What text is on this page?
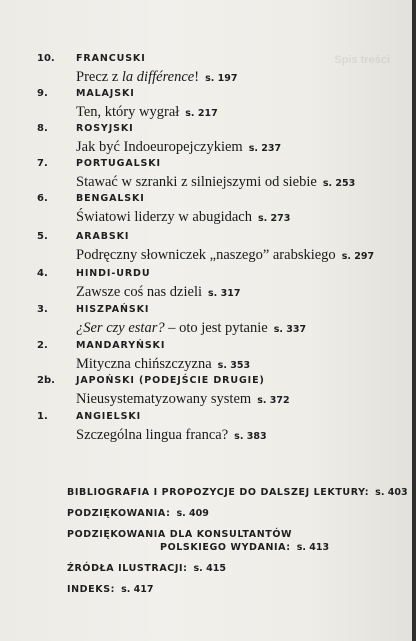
Spis treści
10. FRANCUSKI
Precz z la différence! s. 197
9.	MALAJSKI
Ten, który wygrał s. 217
8.	ROSYJSKI
Jak być Indoeuropejczykiem s. 237
7.	PORTUGALSKI
Stawać w szranki z silniejszymi od siebie s. 253
6.	BENGALSKI
Światowi liderzy w abugidach s. 273
5.	ARABSKI
Podręczny słowniczek „naszego” arabskiego s. 297
4.	HINDI-URDU
Zawsze coś nas dzieli s. 317
3.	HISZPAŃSKI
¿Ser czy estar? – oto jest pytanie s. 337
2.	MANDARYŃSKI
Mityczna chińszczyzna s. 353
2b. JAPOŃSKI (PODEJŚCIE DRUGIE)
Nieusystematyzowany system s. 372
1.	ANGIELSKI
Szczególna lingua franca? s. 383
BIBLIOGRAFIA I PROPOZYCJE DO DALSZEJ LEKTURY: s. 403
PODZIĘKOWANIA: s. 409
PODZIĘKOWANIA DLA KONSULTANTÓW
POLSKIEGO WYDANIA: s. 413
ŹRÓDŁA ILUSTRACJI: s. 415
INDEKS: s. 417
